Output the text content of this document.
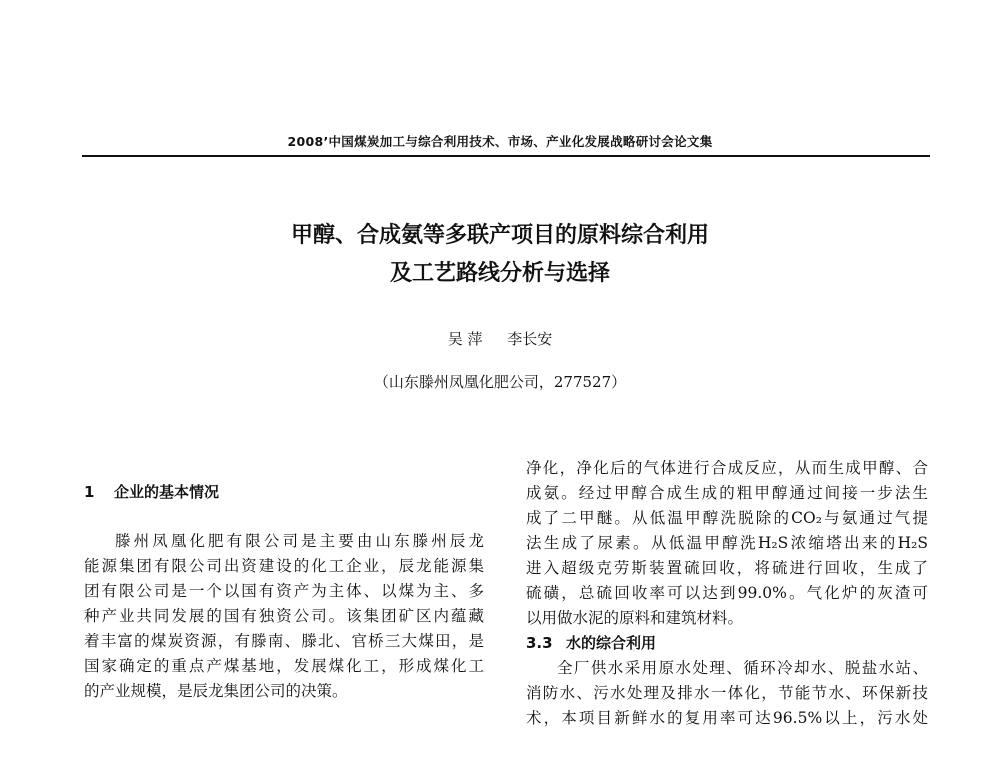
2008’中国煤炭加工与综合利用技术、市场、产业化发展战略研讨会论文集
甲醇、合成氨等多联产项目的原料综合利用
及工艺路线分析与选择
吴 萍 李长安
（山东滕州凤凰化肥公司，277527）
1 企业的基本情况
滕州凤凰化肥有限公司是主要由山东滕州辰龙
能源集团有限公司出资建设的化工企业，辰龙能源集
团有限公司是一个以国有资产为主体、以煤为主、多
种产业共同发展的国有独资公司。该集团矿区内蕴藏
着丰富的煤炭资源，有滕南、滕北、官桥三大煤田，是
国家确定的重点产煤基地，发展煤化工，形成煤化工
的产业规模，是辰龙集团公司的决策。
净化，净化后的气体进行合成反应，从而生成甲醇、合
成氨。经过甲醇合成生成的粗甲醇通过间接一步法生
成了二甲醚。从低温甲醇洗脱除的CO₂与氨通过气提
法生成了尿素。从低温甲醇洗H₂S浓缩塔出来的H₂S
进入超级克劳斯装置硫回收，将硫进行回收，生成了
硫磺，总硫回收率可以达到99.0%。气化炉的灰渣可
以用做水泥的原料和建筑材料。
3.3 水的综合利用
全厂供水采用原水处理、循环冷却水、脱盐水站、
消防水、污水处理及排水一体化，节能节水、环保新技
术，本项目新鲜水的复用率可达96.5%以上，污水处
